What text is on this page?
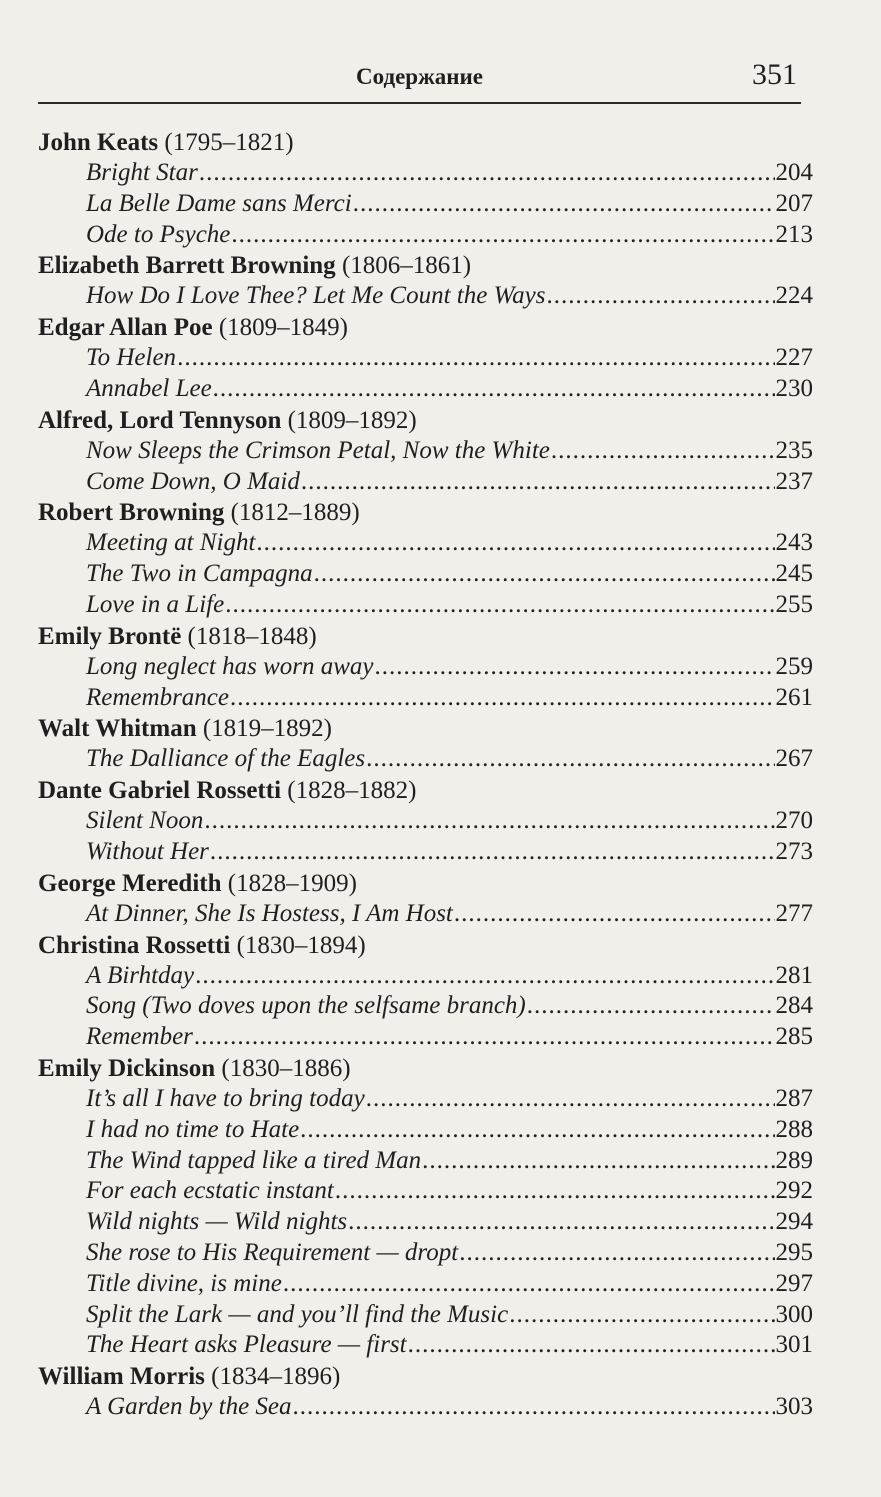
Содержание	351
John Keats (1795–1821)
Bright Star .....	204
La Belle Dame sans Merci .....	207
Ode to Psyche .....	213
Elizabeth Barrett Browning (1806–1861)
How Do I Love Thee? Let Me Count the Ways .....	224
Edgar Allan Poe (1809–1849)
To Helen .....	227
Annabel Lee .....	230
Alfred, Lord Tennyson (1809–1892)
Now Sleeps the Crimson Petal, Now the White .....	235
Come Down, O Maid .....	237
Robert Browning (1812–1889)
Meeting at Night .....	243
The Two in Campagna .....	245
Love in a Life .....	255
Emily Brontë (1818–1848)
Long neglect has worn away .....	259
Remembrance .....	261
Walt Whitman (1819–1892)
The Dalliance of the Eagles .....	267
Dante Gabriel Rossetti (1828–1882)
Silent Noon .....	270
Without Her .....	273
George Meredith (1828–1909)
At Dinner, She Is Hostess, I Am Host .....	277
Christina Rossetti (1830–1894)
A Birhtday .....	281
Song (Two doves upon the selfsame branch) .....	284
Remember .....	285
Emily Dickinson (1830–1886)
It’s all I have to bring today .....	287
I had no time to Hate .....	288
The Wind tapped like a tired Man .....	289
For each ecstatic instant .....	292
Wild nights — Wild nights .....	294
She rose to His Requirement — dropt .....	295
Title divine, is mine .....	297
Split the Lark — and you’ll find the Music .....	300
The Heart asks Pleasure — first .....	301
William Morris (1834–1896)
A Garden by the Sea .....	303
